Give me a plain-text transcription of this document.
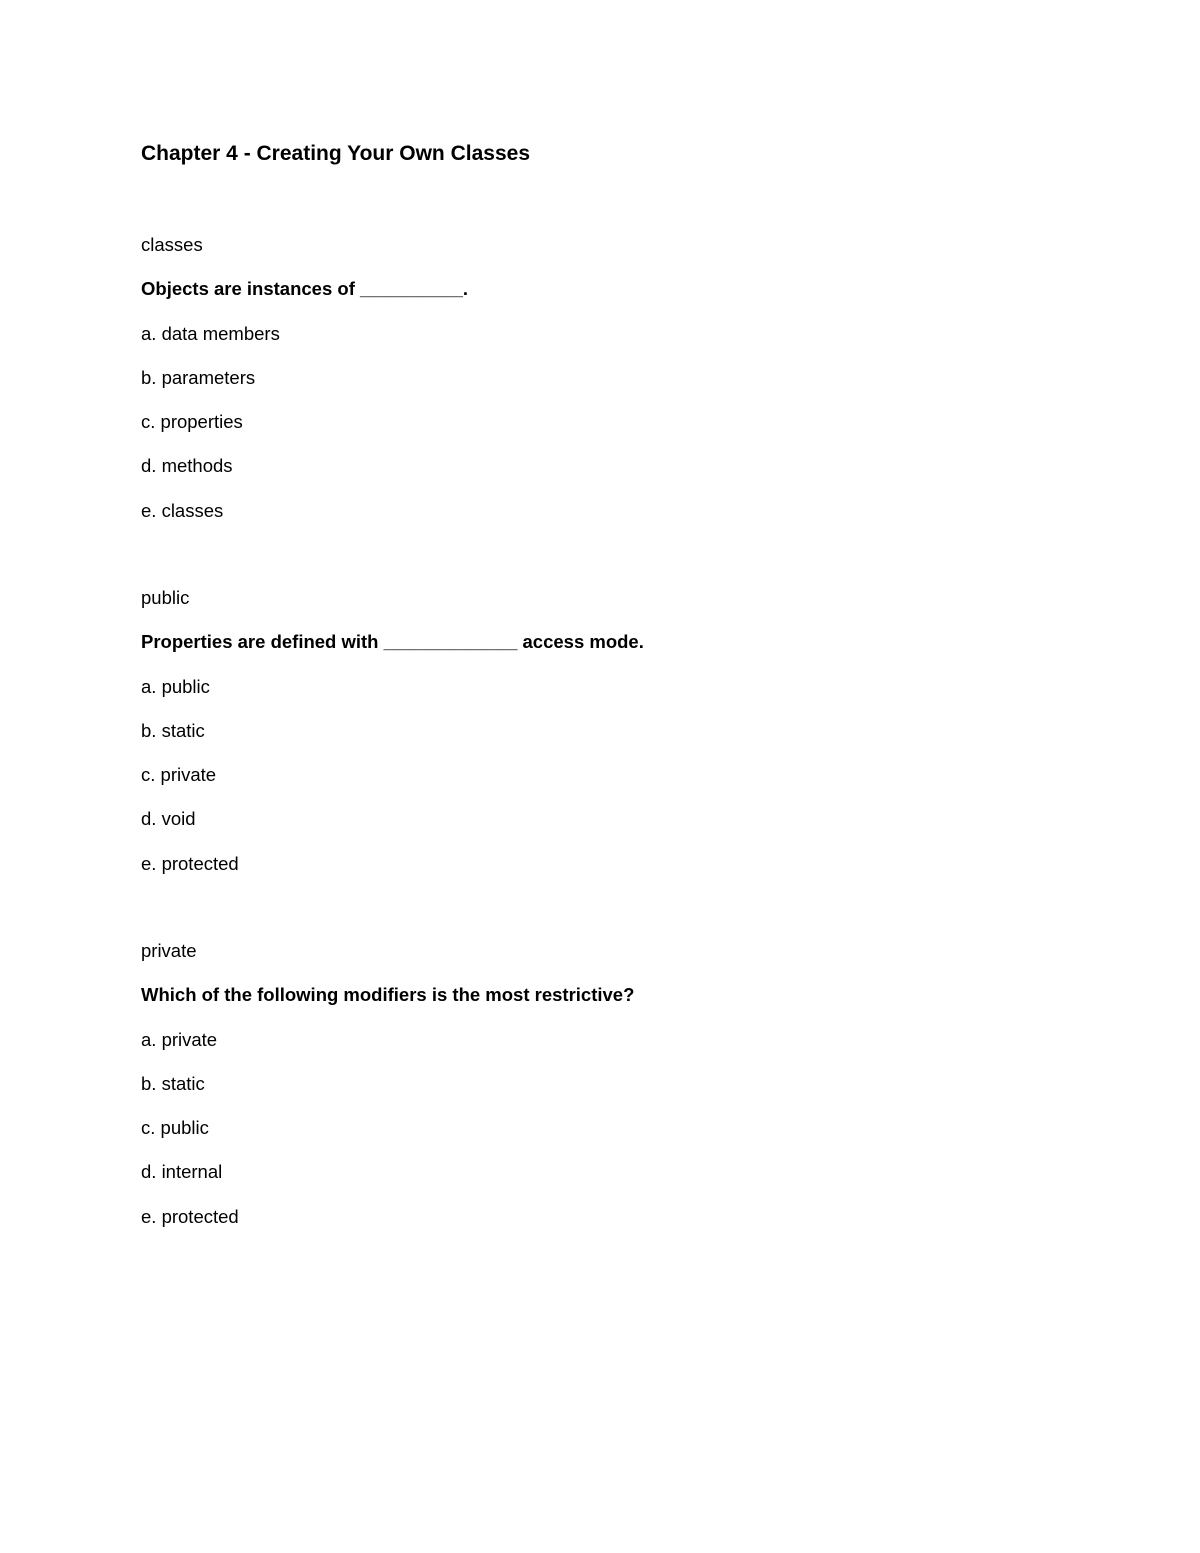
Chapter 4 - Creating Your Own Classes
classes
Objects are instances of __________.
a. data members
b. parameters
c. properties
d. methods
e. classes
public
Properties are defined with _____________ access mode.
a. public
b. static
c. private
d. void
e. protected
private
Which of the following modifiers is the most restrictive?
a. private
b. static
c. public
d. internal
e. protected
